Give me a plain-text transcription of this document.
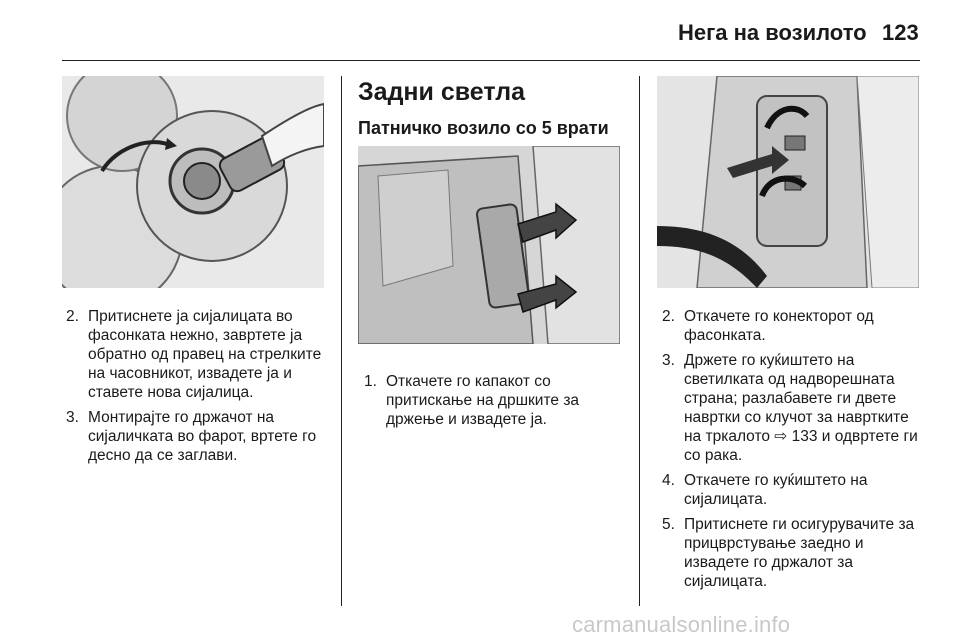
Нега на возилото 123
2. Притиснете ја сијалицата во фасонката нежно, завртете ја обратно од правец на стрелките на часовникот, извадете ја и ставете нова сијалица.
3. Монтирајте го држачот на сијаличката во фарот, вртете го десно да се заглави.
Задни светла
Патничко возило со 5 врати
1. Откачете го капакот со притискање на дршките за држење и извадете ја.
2. Откачете го конекторот од фасонката.
3. Држете го куќиштето на светилката од надворешната страна; разлабавете ги двете навртки со клучот за навртките на тркалото ⇨ 133 и одвртете ги со рака.
4. Откачете го куќиштето на сијалицата.
5. Притиснете ги осигурувачите за прицврстување заедно и извадете го држалот за сијалицата.
carmanualsonline.info
